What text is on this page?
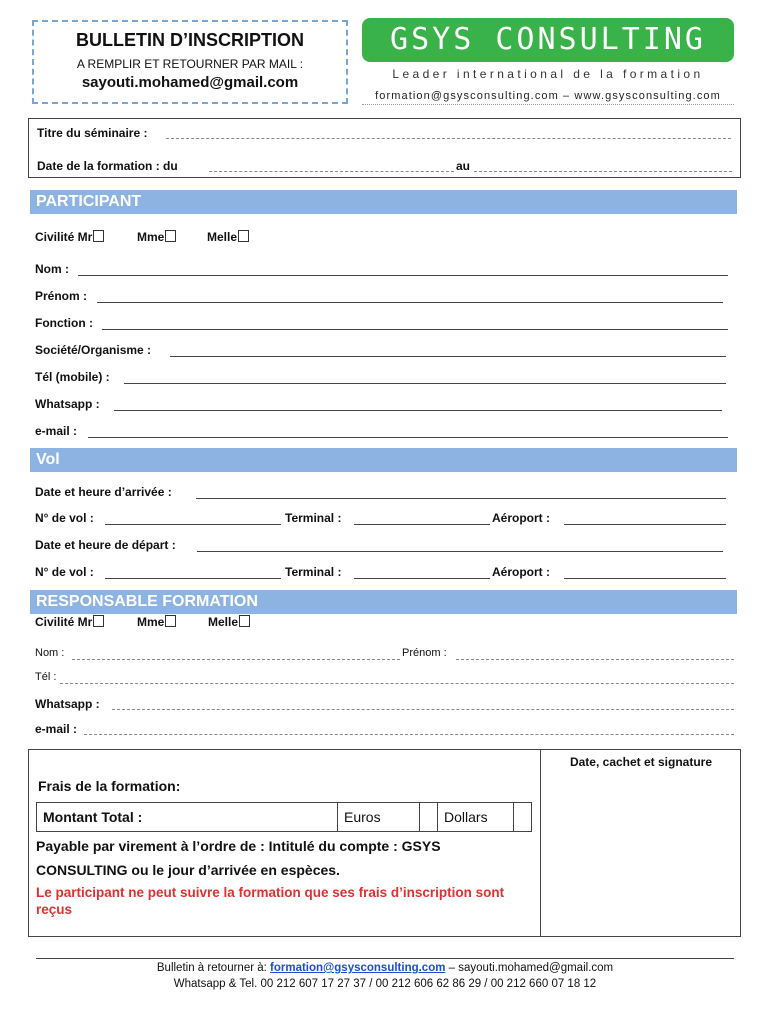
BULLETIN D’INSCRIPTION
A REMPLIR ET RETOURNER PAR MAIL :
sayouti.mohamed@gmail.com
GSYS CONSULTING
Leader international de la formation
formation@gsysconsulting.com – www.gsysconsulting.com
Titre du séminaire :
Date de la formation : du	au
PARTICIPANT
Civilité Mr	Mme	Melle
Nom :
Prénom :
Fonction :
Société/Organisme :
Tél (mobile) :
Whatsapp :
e-mail :
Vol
Date et heure d’arrivée :
N° de vol :	Terminal :	Aéroport :
Date et heure de départ :
N° de vol :	Terminal :	Aéroport :
RESPONSABLE FORMATION
Civilité Mr	Mme	Melle
Nom :	Prénom :
Tél :
Whatsapp :
e-mail :
Date, cachet et signature
Frais de la formation:
Montant Total :	Euros	Dollars
Payable par virement à l’ordre de : Intitulé du compte : GSYS CONSULTING ou le jour d’arrivée en espèces.
Le participant ne peut suivre la formation que ses frais d’inscription sont reçus
Bulletin à retourner à: formation@gsysconsulting.com – sayouti.mohamed@gmail.com
Whatsapp & Tel. 00 212 607 17 27 37 / 00 212 606 62 86 29 / 00 212 660 07 18 12
